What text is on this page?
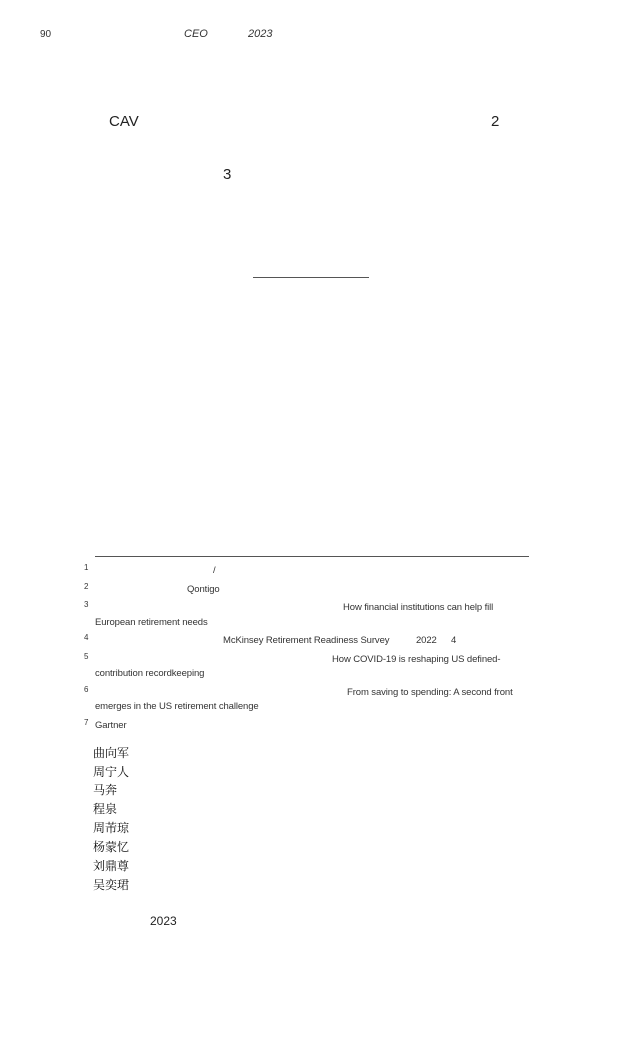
90	CEO	2023
CAV	2
3
1	/
2	Qontigo
3	How financial institutions can help fill
European retirement needs
4	McKinsey Retirement Readiness Survey	2022 4
5	How COVID-19 is reshaping US defined-
contribution recordkeeping
6	From saving to spending: A second front
emerges in the US retirement challenge
7 Gartner
曲向军
周宁人
马奔
程泉
周芾琼
杨蒙忆
刘鼎尊
吴奕珺
2023
